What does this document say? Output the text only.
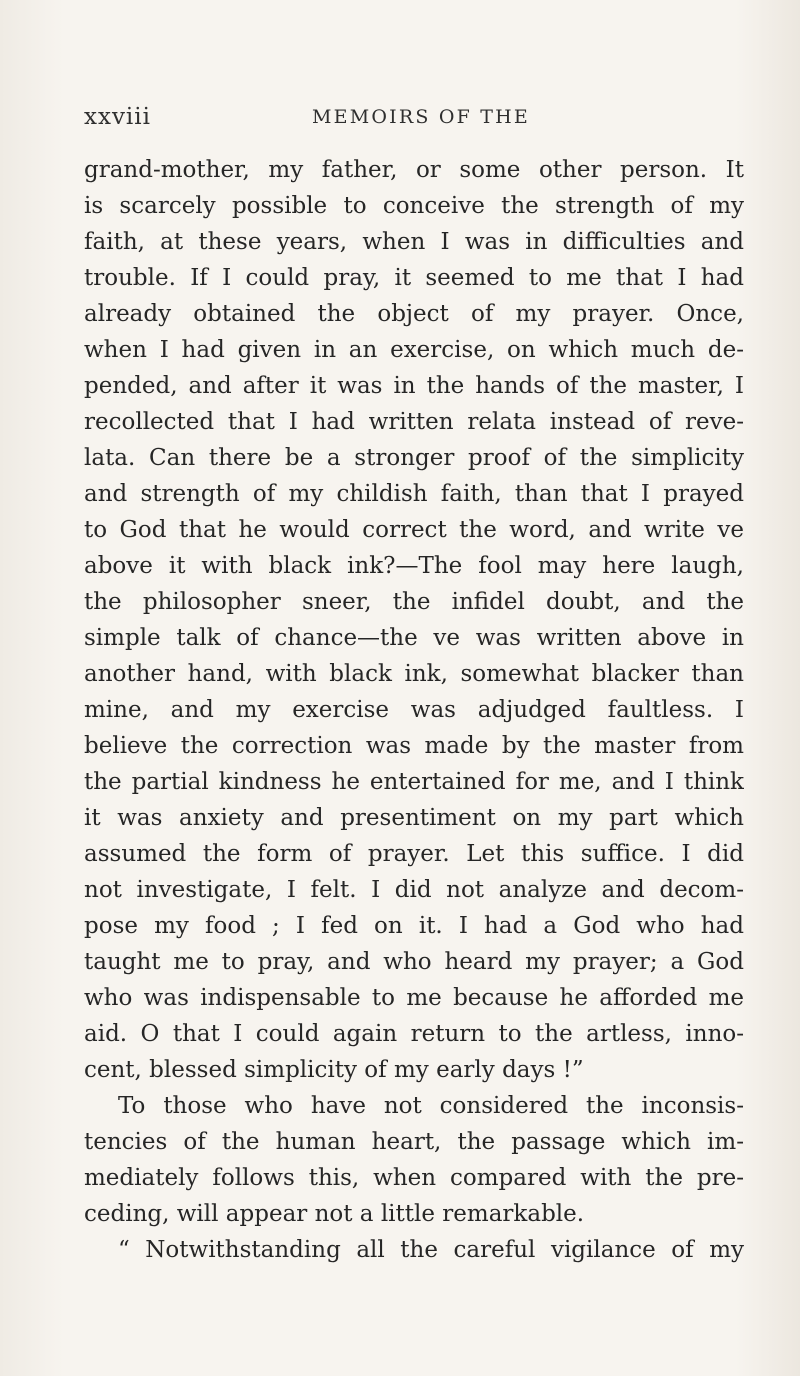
xxviii	MEMOIRS OF THE
grand-mother, my father, or some other person. It
is scarcely possible to conceive the strength of my
faith, at these years, when I was in difficulties and
trouble. If I could pray, it seemed to me that I had
already obtained the object of my prayer. Once,
when I had given in an exercise, on which much de-
pended, and after it was in the hands of the master, I
recollected that I had written relata instead of reve-
lata. Can there be a stronger proof of the simplicity
and strength of my childish faith, than that I prayed
to God that he would correct the word, and write ve
above it with black ink?—The fool may here laugh,
the philosopher sneer, the infidel doubt, and the
simple talk of chance—the ve was written above in
another hand, with black ink, somewhat blacker than
mine, and my exercise was adjudged faultless. I
believe the correction was made by the master from
the partial kindness he entertained for me, and I think
it was anxiety and presentiment on my part which
assumed the form of prayer. Let this suffice. I did
not investigate, I felt. I did not analyze and decom-
pose my food ; I fed on it. I had a God who had
taught me to pray, and who heard my prayer; a God
who was indispensable to me because he afforded me
aid. O that I could again return to the artless, inno-
cent, blessed simplicity of my early days !”
To those who have not considered the inconsis-
tencies of the human heart, the passage which im-
mediately follows this, when compared with the pre-
ceding, will appear not a little remarkable.
“ Notwithstanding all the careful vigilance of my
